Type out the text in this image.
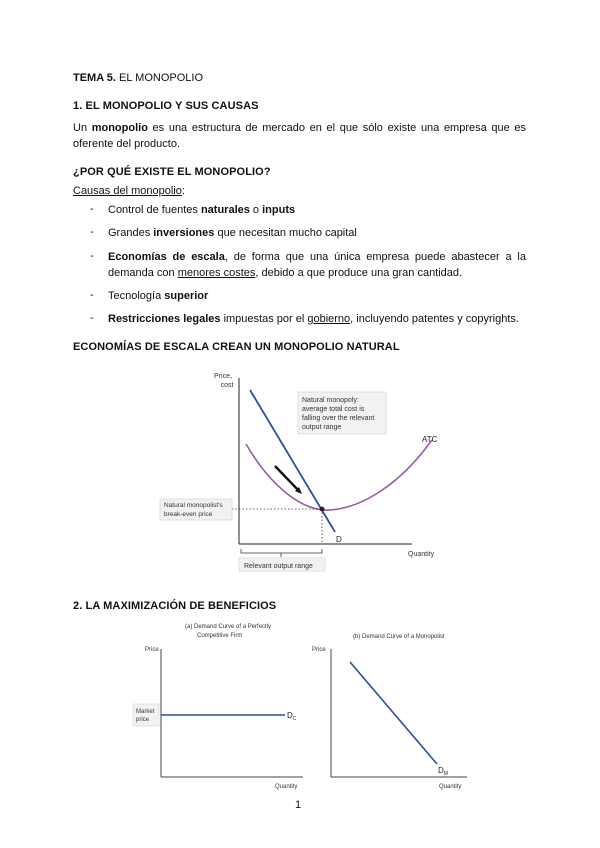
TEMA 5. EL MONOPOLIO
1. EL MONOPOLIO Y SUS CAUSAS
Un monopolio es una estructura de mercado en el que sólo existe una empresa que es oferente del producto.
¿POR QUÉ EXISTE EL MONOPOLIO?
Causas del monopolio:
- Control de fuentes naturales o inputs
- Grandes inversiones que necesitan mucho capital
- Economías de escala, de forma que una única empresa puede abastecer a la demanda con menores costes, debido a que produce una gran cantidad.
- Tecnología superior
- Restricciones legales impuestas por el gobierno, incluyendo patentes y copyrights.
ECONOMÍAS DE ESCALA CREAN UN MONOPOLIO NATURAL
Price,
cost
Natural monopoly:
average total cost is
falling over the relevant
output range
ATC
D
Natural monopolist's
break-even price
Quantity
Relevant output range
2. LA MAXIMIZACIÓN DE BENEFICIOS
(a) Demand Curve of a Perfectly
Competitive Firm
Price
Market
price	$D_C$
Quantity
(b) Demand Curve of a Monopolist
Price
$D_M$
Quantity
1
